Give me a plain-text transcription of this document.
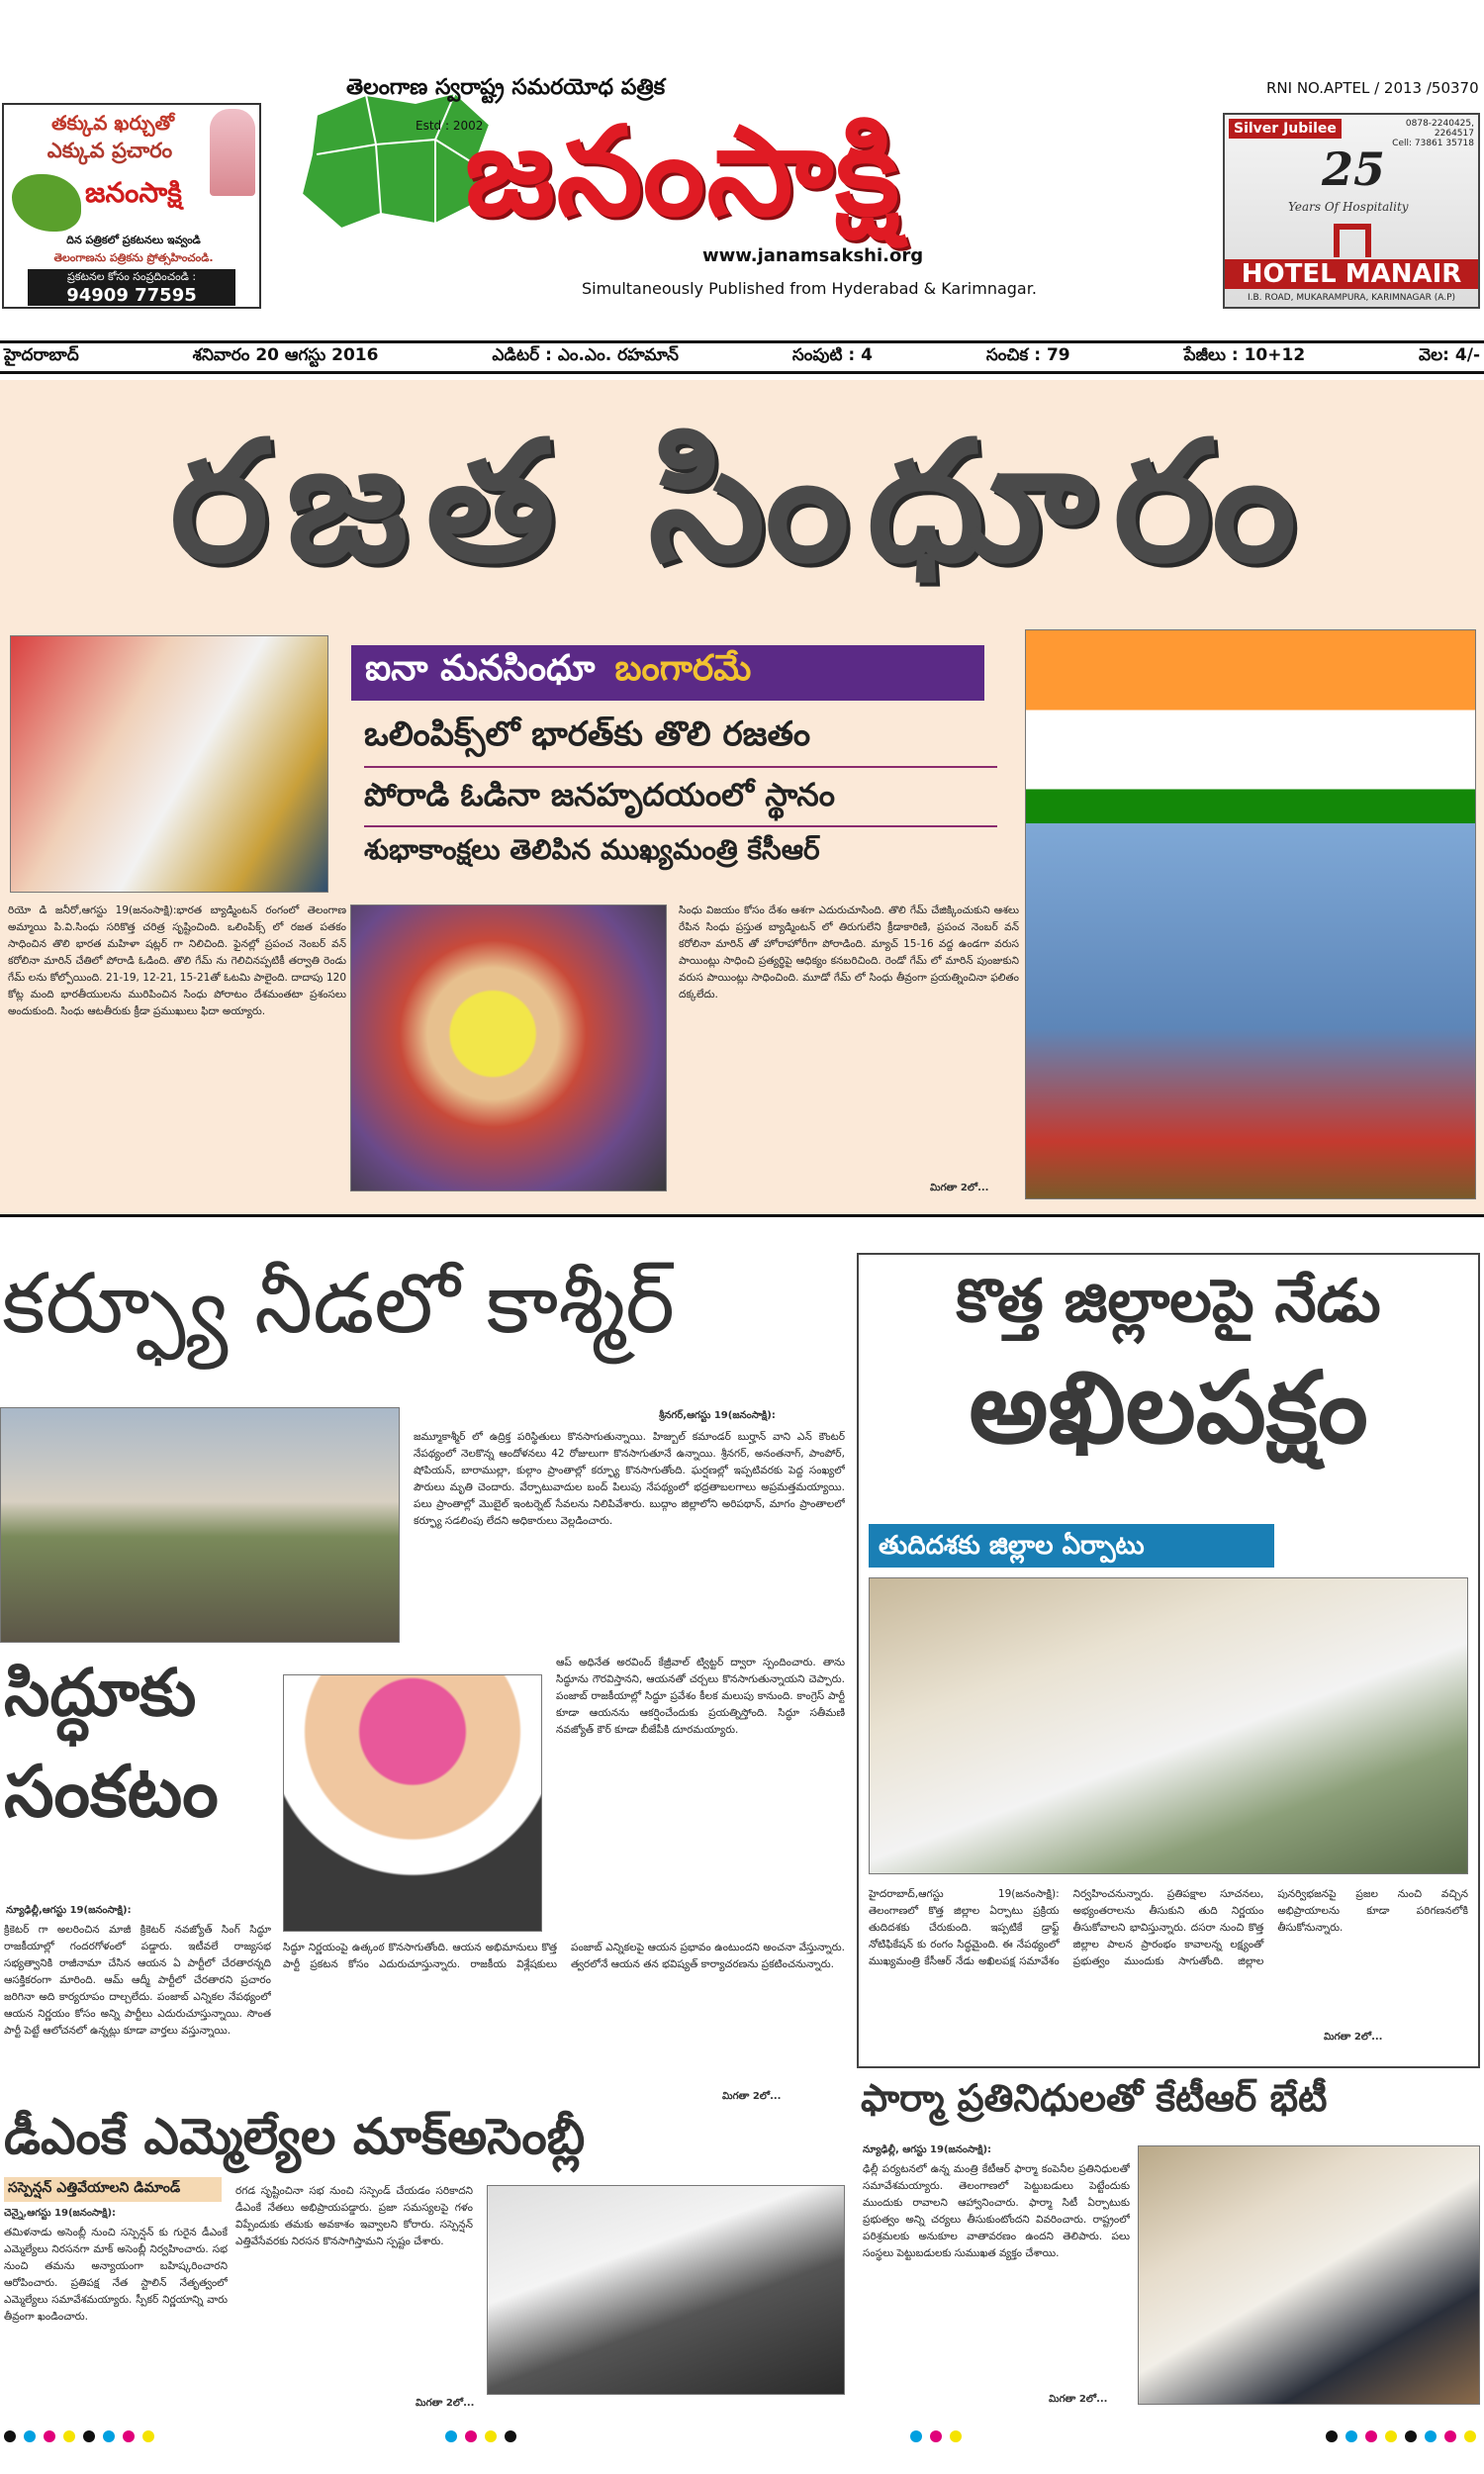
తక్కువ ఖర్చుతో
ఎక్కువ ప్రచారం
జనంసాక్షి
దిన పత్రికలో ప్రకటనలు ఇవ్వండి
తెలంగాణను పత్రికను ప్రోత్సహించండి.
ప్రకటనల కోసం సంప్రదించండి :
94909 77595
తెలంగాణ స్వరాష్ట్ర సమరయోధ పత్రిక
Estd : 2002
జనంసాక్షి
www.janamsakshi.org
Simultaneously Published from Hyderabad & Karimnagar.
RNI NO.APTEL / 2013 /50370
Silver Jubilee	0878-2240425, 2264517
Cell: 73861 35718
25
Years Of Hospitality
HOTEL MANAIR
I.B. ROAD, MUKARAMPURA, KARIMNAGAR (A.P)
హైదరాబాద్	శనివారం 20 ఆగస్టు 2016	ఎడిటర్ : ఎం.ఎం. రహమాన్	సంపుటి : 4	సంచిక : 79	పేజీలు : 10+12	వెల: 4/-
రజత సింధూరం
ఐనా మనసింధూ బంగారమే
ఒలింపిక్స్‌లో భారత్‌కు తొలి రజతం
పోరాడి ఓడినా జనహృదయంలో స్థానం
శుభాకాంక్షలు తెలిపిన ముఖ్యమంత్రి కేసీఆర్
రియో డి జనీరో,ఆగస్టు 19(జనంసాక్షి):భారత బ్యాడ్మింటన్ రంగంలో తెలంగాణ అమ్మాయి పి.వి.సింధు సరికొత్త చరిత్ర సృష్టించింది. ఒలింపిక్స్ లో రజత పతకం సాధించిన తొలి భారత మహిళా షట్లర్ గా నిలిచింది. ఫైనల్లో ప్రపంచ నెంబర్ వన్ కరోలినా మారిన్ చేతిలో పోరాడి ఓడింది. తొలి గేమ్ ను గెలిచినప్పటికీ తర్వాతి రెండు గేమ్ లను కోల్పోయింది. 21-19, 12-21, 15-21తో ఓటమి పాలైంది. దాదాపు 120 కోట్ల మంది భారతీయులను మురిపించిన సింధు పోరాటం దేశమంతటా ప్రశంసలు అందుకుంది. సింధు ఆటతీరుకు క్రీడా ప్రముఖులు ఫిదా అయ్యారు.
సింధు విజయం కోసం దేశం ఆశగా ఎదురుచూసింది. తొలి గేమ్ చేజిక్కించుకుని ఆశలు రేపిన సింధు ప్రస్తుత బ్యాడ్మింటన్ లో తిరుగులేని క్రీడాకారిణి, ప్రపంచ నెంబర్ వన్ కరోలినా మారిన్ తో హోరాహోరీగా పోరాడింది. మ్యాచ్ 15-16 వద్ద ఉండగా వరుస పాయింట్లు సాధించి ప్రత్యర్థిపై ఆధిక్యం కనబరిచింది. రెండో గేమ్ లో మారిన్ పుంజుకుని వరుస పాయింట్లు సాధించింది. మూడో గేమ్ లో సింధు తీవ్రంగా ప్రయత్నించినా ఫలితం దక్కలేదు.
మిగతా 2లో...
కర్ఫ్యూ నీడలో కాశ్మీర్
శ్రీనగర్,ఆగస్టు 19(జనంసాక్షి):
జమ్మూకాశ్మీర్ లో ఉద్రిక్త పరిస్థితులు కొనసాగుతున్నాయి. హిజ్బుల్ కమాండర్ బుర్హాన్ వాని ఎన్ కౌంటర్ నేపథ్యంలో నెలకొన్న ఆందోళనలు 42 రోజులుగా కొనసాగుతూనే ఉన్నాయి. శ్రీనగర్, అనంతనాగ్, పాంపోర్, షోపియన్, బారాముల్లా, కుల్గాం ప్రాంతాల్లో కర్ఫ్యూ కొనసాగుతోంది. ఘర్షణల్లో ఇప్పటివరకు పెద్ద సంఖ్యలో పౌరులు మృతి చెందారు. వేర్పాటువాదుల బంద్ పిలుపు నేపథ్యంలో భద్రతాబలగాలు అప్రమత్తమయ్యాయి. పలు ప్రాంతాల్లో మొబైల్ ఇంటర్నెట్ సేవలను నిలిపివేశారు. బుద్గాం జిల్లాలోని అరిపథాన్, మాగం ప్రాంతాలలో కర్ఫ్యూ సడలింపు లేదని అధికారులు వెల్లడించారు.
కొత్త జిల్లాలపై నేడు
అఖిలపక్షం
తుదిదశకు జిల్లాల ఏర్పాటు
హైదరాబాద్,ఆగస్టు 19(జనంసాక్షి): తెలంగాణలో కొత్త జిల్లాల ఏర్పాటు ప్రక్రియ తుదిదశకు చేరుకుంది. ఇప్పటికే డ్రాఫ్ట్ నోటిఫికేషన్ కు రంగం సిద్ధమైంది. ఈ నేపథ్యంలో ముఖ్యమంత్రి కేసీఆర్ నేడు అఖిలపక్ష సమావేశం నిర్వహించనున్నారు. ప్రతిపక్షాల సూచనలు, అభ్యంతరాలను తీసుకుని తుది నిర్ణయం తీసుకోవాలని భావిస్తున్నారు. దసరా నుంచి కొత్త జిల్లాల పాలన ప్రారంభం కావాలన్న లక్ష్యంతో ప్రభుత్వం ముందుకు సాగుతోంది. జిల్లాల పునర్విభజనపై ప్రజల నుంచి వచ్చిన అభిప్రాయాలను కూడా పరిగణనలోకి తీసుకోనున్నారు.
మిగతా 2లో...
సిద్ధూకు
సంకటం
న్యూఢిల్లీ,ఆగస్టు 19(జనంసాక్షి):
క్రికెటర్ గా అలరించిన మాజీ క్రికెటర్ నవజ్యోత్ సింగ్ సిద్ధూ రాజకీయాల్లో గందరగోళంలో పడ్డారు. ఇటీవలే రాజ్యసభ సభ్యత్వానికి రాజీనామా చేసిన ఆయన ఏ పార్టీలో చేరతారన్నది ఆసక్తికరంగా మారింది. ఆమ్ ఆద్మీ పార్టీలో చేరతారని ప్రచారం జరిగినా అది కార్యరూపం దాల్చలేదు. పంజాబ్ ఎన్నికల నేపథ్యంలో ఆయన నిర్ణయం కోసం అన్ని పార్టీలు ఎదురుచూస్తున్నాయి. సొంత పార్టీ పెట్టే ఆలోచనలో ఉన్నట్లు కూడా వార్తలు వస్తున్నాయి.
ఆప్ అధినేత అరవింద్ కేజ్రీవాల్ ట్విట్టర్ ద్వారా స్పందించారు. తాను సిద్ధూను గౌరవిస్తానని, ఆయనతో చర్చలు కొనసాగుతున్నాయని చెప్పారు. పంజాబ్ రాజకీయాల్లో సిద్ధూ ప్రవేశం కీలక మలుపు కానుంది. కాంగ్రెస్ పార్టీ కూడా ఆయనను ఆకర్షించేందుకు ప్రయత్నిస్తోంది. సిద్ధూ సతీమణి నవజ్యోత్ కౌర్ కూడా బీజేపీకి దూరమయ్యారు.
సిద్ధూ నిర్ణయంపై ఉత్కంఠ కొనసాగుతోంది. ఆయన అభిమానులు కొత్త పార్టీ ప్రకటన కోసం ఎదురుచూస్తున్నారు. రాజకీయ విశ్లేషకులు పంజాబ్ ఎన్నికలపై ఆయన ప్రభావం ఉంటుందని అంచనా వేస్తున్నారు. త్వరలోనే ఆయన తన భవిష్యత్ కార్యాచరణను ప్రకటించనున్నారు.
మిగతా 2లో...
డీఎంకే ఎమ్మెల్యేల మాక్‌అసెంబ్లీ
సస్పెన్షన్ ఎత్తివేయాలని డిమాండ్
చెన్నై,ఆగస్టు 19(జనంసాక్షి):
తమిళనాడు అసెంబ్లీ నుంచి సస్పెన్షన్ కు గురైన డీఎంకే ఎమ్మెల్యేలు నిరసనగా మాక్ అసెంబ్లీ నిర్వహించారు. సభ నుంచి తమను అన్యాయంగా బహిష్కరించారని ఆరోపించారు. ప్రతిపక్ష నేత స్టాలిన్ నేతృత్వంలో ఎమ్మెల్యేలు సమావేశమయ్యారు. స్పీకర్ నిర్ణయాన్ని వారు తీవ్రంగా ఖండించారు.
రగడ సృష్టించినా సభ నుంచి సస్పెండ్ చేయడం సరికాదని డీఎంకే నేతలు అభిప్రాయపడ్డారు. ప్రజా సమస్యలపై గళం విప్పేందుకు తమకు అవకాశం ఇవ్వాలని కోరారు. సస్పెన్షన్ ఎత్తివేసేవరకు నిరసన కొనసాగిస్తామని స్పష్టం చేశారు.
మిగతా 2లో...
ఫార్మా ప్రతినిధులతో కేటీఆర్ భేటీ
న్యూఢిల్లీ, ఆగస్టు 19(జనంసాక్షి):
ఢిల్లీ పర్యటనలో ఉన్న మంత్రి కేటీఆర్ ఫార్మా కంపెనీల ప్రతినిధులతో సమావేశమయ్యారు. తెలంగాణలో పెట్టుబడులు పెట్టేందుకు ముందుకు రావాలని ఆహ్వానించారు. ఫార్మా సిటీ ఏర్పాటుకు ప్రభుత్వం అన్ని చర్యలు తీసుకుంటోందని వివరించారు. రాష్ట్రంలో పరిశ్రమలకు అనుకూల వాతావరణం ఉందని తెలిపారు. పలు సంస్థలు పెట్టుబడులకు సుముఖత వ్యక్తం చేశాయి.
మిగతా 2లో...
